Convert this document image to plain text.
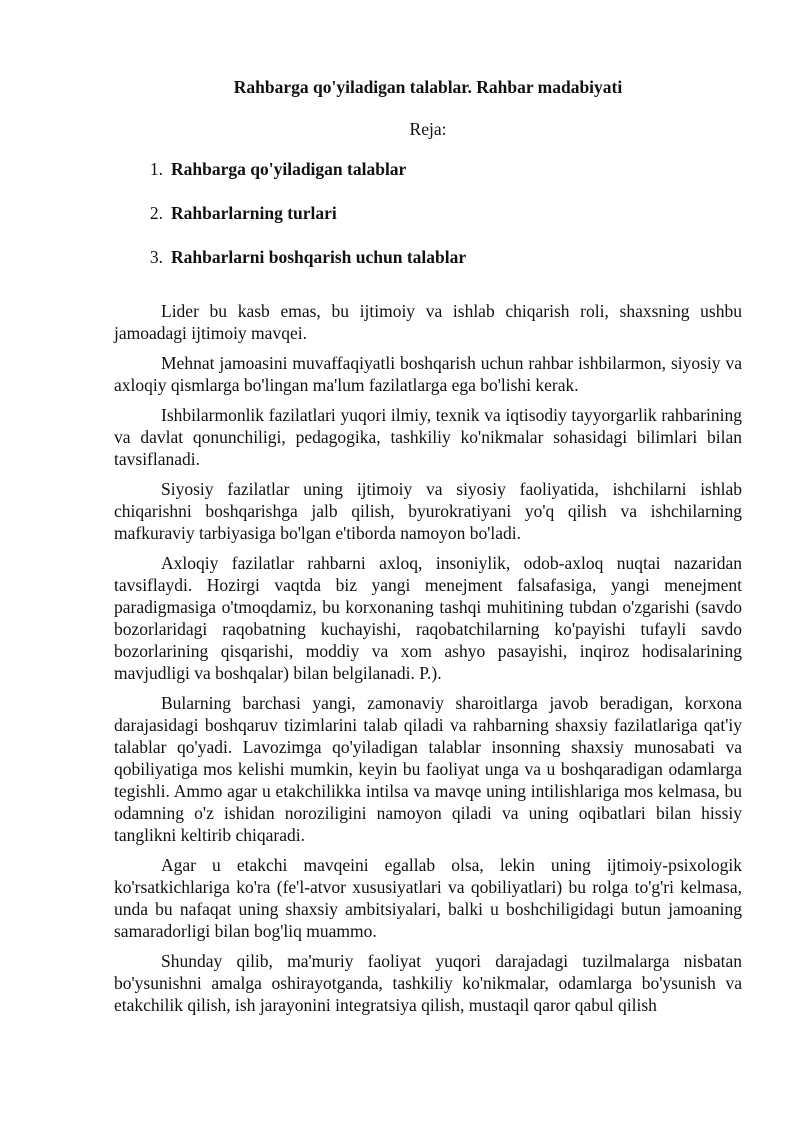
Rahbarga qo'yiladigan talablar. Rahbar madabiyati

Reja:

1. Rahbarga qo'yiladigan talablar
2. Rahbarlarning turlari
3. Rahbarlarni boshqarish uchun talablar

Lider bu kasb emas, bu ijtimoiy va ishlab chiqarish roli, shaxsning ushbu jamoadagi ijtimoiy mavqei.

Mehnat jamoasini muvaffaqiyatli boshqarish uchun rahbar ishbilarmon, siyosiy va axloqiy qismlarga bo'lingan ma'lum fazilatlarga ega bo'lishi kerak.

Ishbilarmonlik fazilatlari yuqori ilmiy, texnik va iqtisodiy tayyorgarlik rahbarining va davlat qonunchiligi, pedagogika, tashkiliy ko'nikmalar sohasidagi bilimlari bilan tavsiflanadi.

Siyosiy fazilatlar uning ijtimoiy va siyosiy faoliyatida, ishchilarni ishlab chiqarishni boshqarishga jalb qilish, byurokratiyani yo'q qilish va ishchilarning mafkuraviy tarbiyasiga bo'lgan e'tiborda namoyon bo'ladi.

Axloqiy fazilatlar rahbarni axloq, insoniylik, odob-axloq nuqtai nazaridan tavsiflaydi. Hozirgi vaqtda biz yangi menejment falsafasiga, yangi menejment paradigmasiga o'tmoqdamiz, bu korxonaning tashqi muhitining tubdan o'zgarishi (savdo bozorlaridagi raqobatning kuchayishi, raqobatchilarning ko'payishi tufayli savdo bozorlarining qisqarishi, moddiy va xom ashyo pasayishi, inqiroz hodisalarining mavjudligi va boshqalar) bilan belgilanadi. P.).

Bularning barchasi yangi, zamonaviy sharoitlarga javob beradigan, korxona darajasidagi boshqaruv tizimlarini talab qiladi va rahbarning shaxsiy fazilatlariga qat'iy talablar qo'yadi. Lavozimga qo'yiladigan talablar insonning shaxsiy munosabati va qobiliyatiga mos kelishi mumkin, keyin bu faoliyat unga va u boshqaradigan odamlarga tegishli. Ammo agar u etakchilikka intilsa va mavqe uning intilishlariga mos kelmasa, bu odamning o'z ishidan noroziligini namoyon qiladi va uning oqibatlari bilan hissiy tanglikni keltirib chiqaradi.

Agar u etakchi mavqeini egallab olsa, lekin uning ijtimoiy-psixologik ko'rsatkichlariga ko'ra (fe'l-atvor xususiyatlari va qobiliyatlari) bu rolga to'g'ri kelmasa, unda bu nafaqat uning shaxsiy ambitsiyalari, balki u boshchiligidagi butun jamoaning samaradorligi bilan bog'liq muammo.

Shunday qilib, ma'muriy faoliyat yuqori darajadagi tuzilmalarga nisbatan bo'ysunishni amalga oshirayotganda, tashkiliy ko'nikmalar, odamlarga bo'ysunish va etakchilik qilish, ish jarayonini integratsiya qilish, mustaqil qaror qabul qilish
